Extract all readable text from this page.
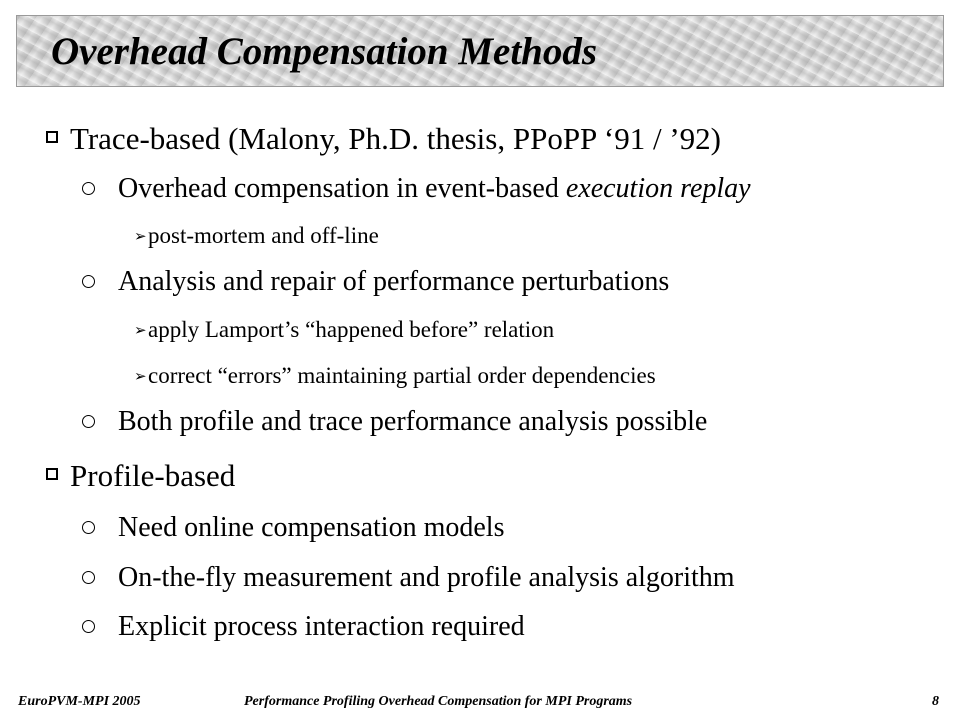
Overhead Compensation Methods
Trace-based (Malony, Ph.D. thesis, PPoPP ‘91 / ’92)
Overhead compensation in event-based execution replay
➢ post-mortem and off-line
Analysis and repair of performance perturbations
➢ apply Lamport’s “happened before” relation
➢ correct “errors” maintaining partial order dependencies
Both profile and trace performance analysis possible
Profile-based
Need online compensation models
On-the-fly measurement and profile analysis algorithm
Explicit process interaction required
EuroPVM-MPI 2005	Performance Profiling Overhead Compensation for MPI Programs	8
